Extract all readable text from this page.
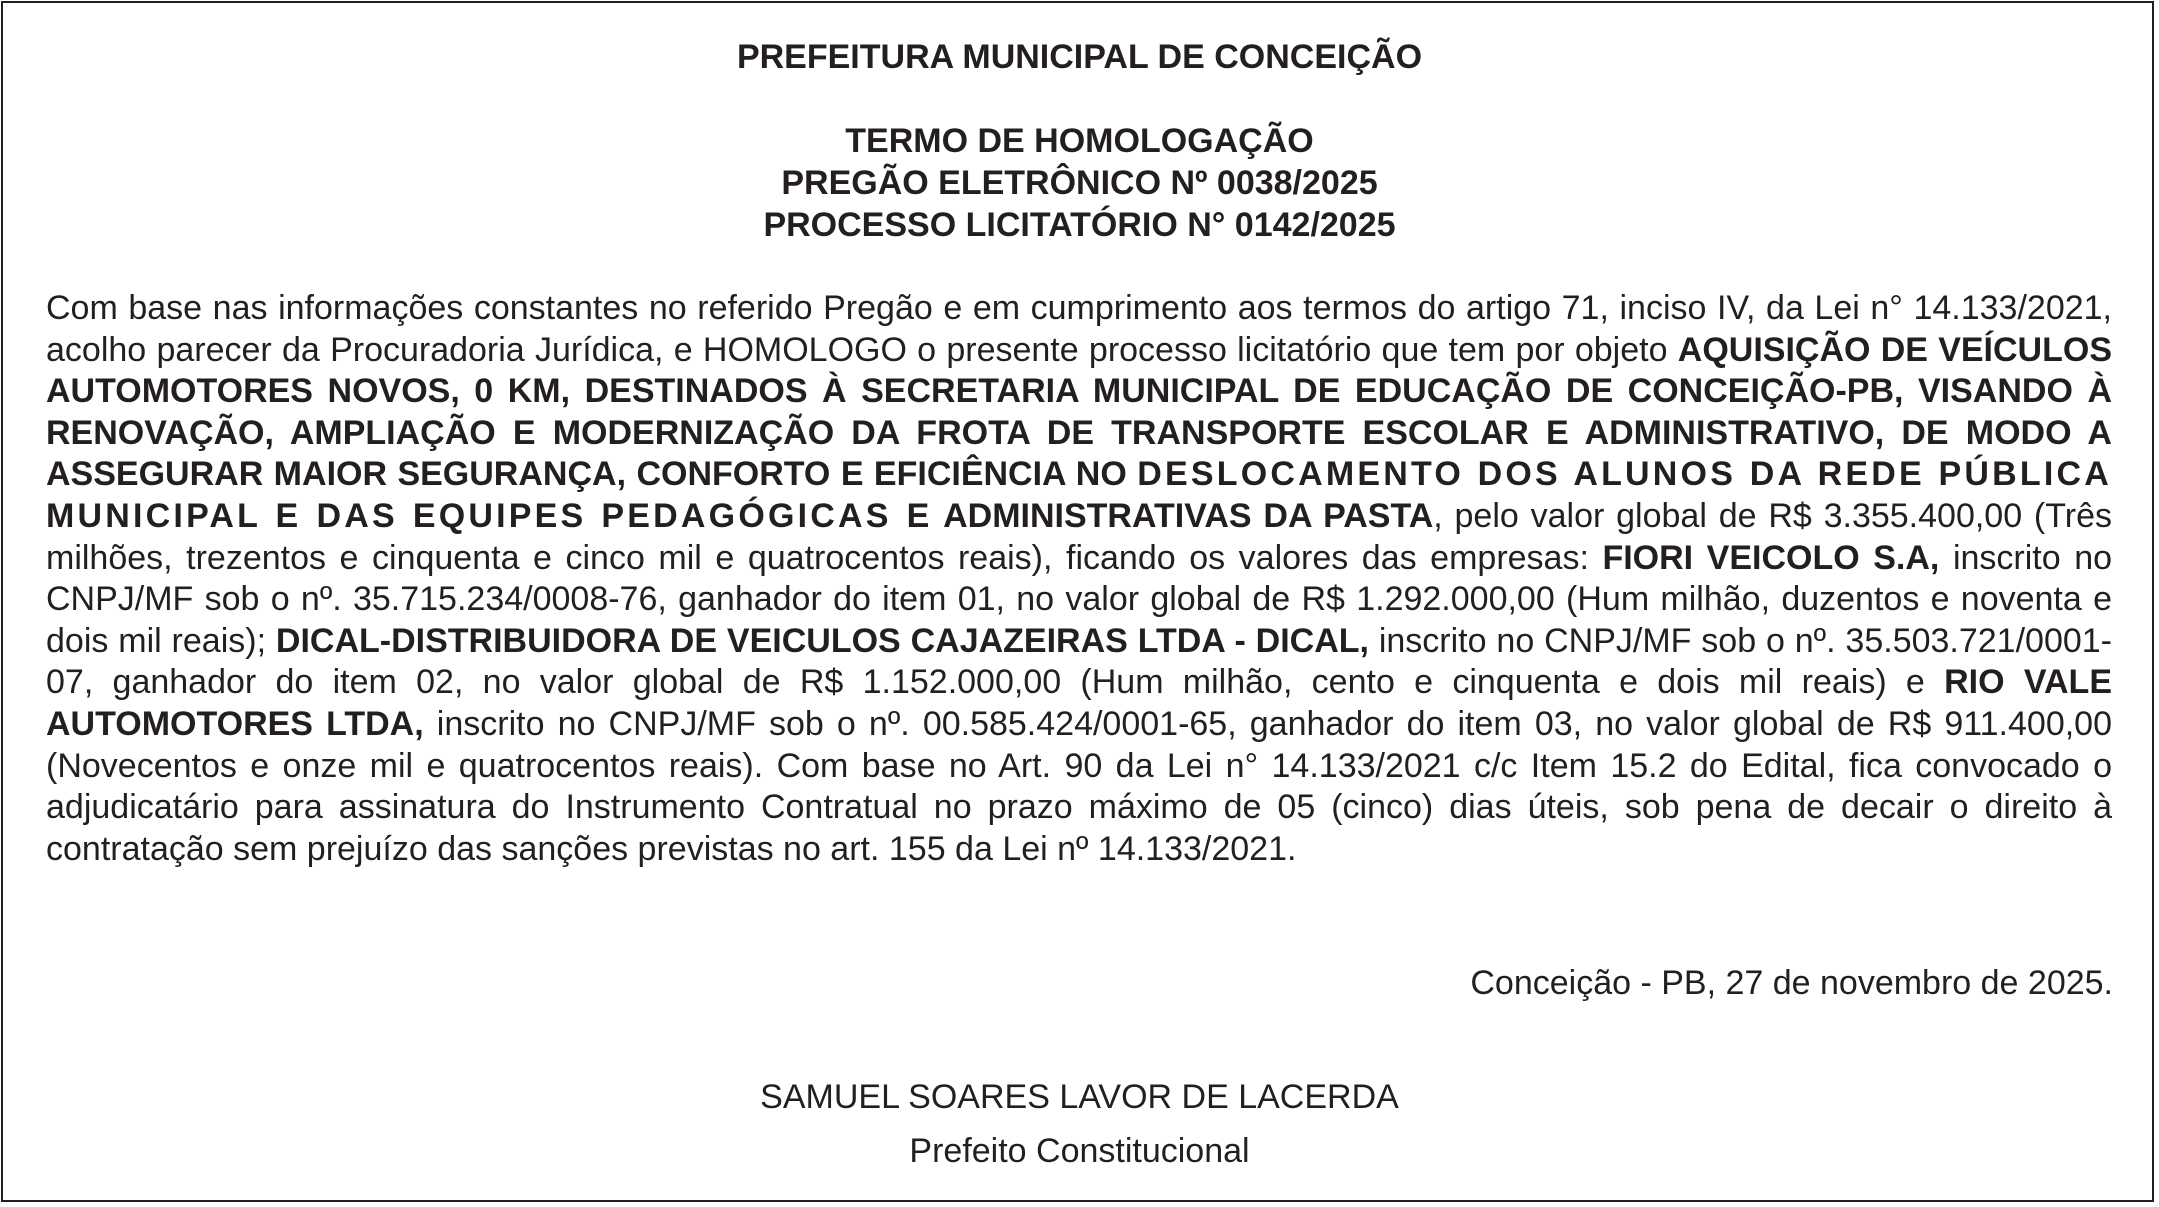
PREFEITURA MUNICIPAL DE CONCEIÇÃO
TERMO DE HOMOLOGAÇÃO
PREGÃO ELETRÔNICO Nº 0038/2025
PROCESSO LICITATÓRIO N° 0142/2025

Com base nas informações constantes no referido Pregão e em cumprimento aos termos do artigo 71, inciso IV, da Lei n° 14.133/2021, acolho parecer da Procuradoria Jurídica, e HOMOLOGO o presente processo licitatório que tem por objeto AQUISIÇÃO DE VEÍCULOS AUTOMOTORES NOVOS, 0 KM, DESTINADOS À SECRETARIA MUNICIPAL DE EDUCAÇÃO DE CONCEIÇÃO-PB, VISANDO À RENOVAÇÃO, AMPLIAÇÃO E MODERNIZAÇÃO DA FROTA DE TRANSPORTE ESCOLAR E ADMINISTRATIVO, DE MODO A ASSEGURAR MAIOR SEGURANÇA, CONFORTO E EFICIÊNCIA NO DESLOCAMENTO DOS ALUNOS DA REDE PÚBLICA MUNICIPAL E DAS EQUIPES PEDAGÓGICAS E ADMINISTRATIVAS DA PASTA, pelo valor global de R$ 3.355.400,00 (Três milhões, trezentos e cinquenta e cinco mil e quatrocentos reais), ficando os valores das empresas: FIORI VEICOLO S.A, inscrito no CNPJ/MF sob o nº. 35.715.234/0008-76, ganhador do item 01, no valor global de R$ 1.292.000,00 (Hum milhão, duzentos e noventa e dois mil reais); DICAL-DISTRIBUIDORA DE VEICULOS CAJAZEIRAS LTDA - DICAL, inscrito no CNPJ/MF sob o nº. 35.503.721/0001-07, ganhador do item 02, no valor global de R$ 1.152.000,00 (Hum milhão, cento e cinquenta e dois mil reais) e RIO VALE AUTOMOTORES LTDA, inscrito no CNPJ/MF sob o nº. 00.585.424/0001-65, ganhador do item 03, no valor global de R$ 911.400,00 (Novecentos e onze mil e quatrocentos reais). Com base no Art. 90 da Lei n° 14.133/2021 c/c Item 15.2 do Edital, fica convocado o adjudicatário para assinatura do Instrumento Contratual no prazo máximo de 05 (cinco) dias úteis, sob pena de decair o direito à contratação sem prejuízo das sanções previstas no art. 155 da Lei nº 14.133/2021.

Conceição - PB, 27 de novembro de 2025.

SAMUEL SOARES LAVOR DE LACERDA

Prefeito Constitucional
